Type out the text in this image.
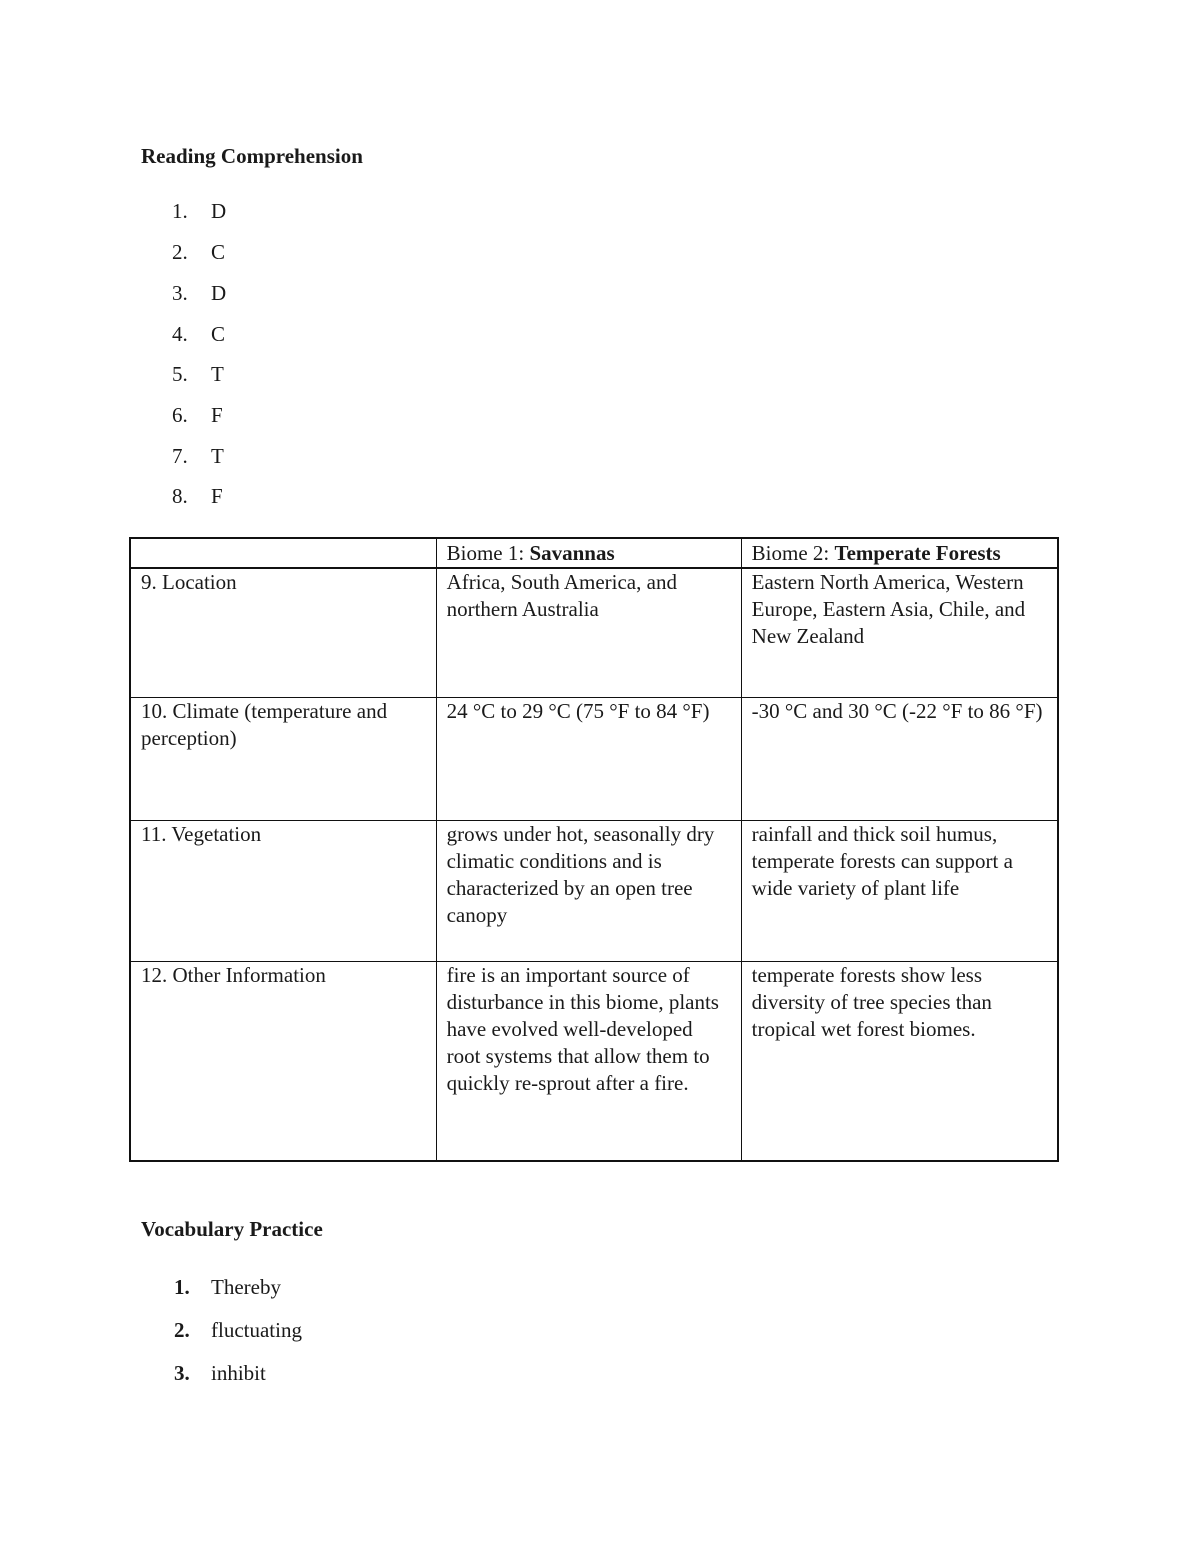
Reading Comprehension
1.	D
2.	C
3.	D
4.	C
5.	T
6.	F
7.	T
8.	F
	Biome 1: Savannas	Biome 2: Temperate Forests
9. Location	Africa, South America, and northern Australia	Eastern North America, Western Europe, Eastern Asia, Chile, and New Zealand
10. Climate (temperature and perception)	24 °C to 29 °C (75 °F to 84 °F)	-30 °C and 30 °C (-22 °F to 86 °F)
11. Vegetation	grows under hot, seasonally dry climatic conditions and is characterized by an open tree canopy	rainfall and thick soil humus, temperate forests can support a wide variety of plant life
12. Other Information	fire is an important source of disturbance in this biome, plants have evolved well-developed root systems that allow them to quickly re-sprout after a fire.	temperate forests show less diversity of tree species than tropical wet forest biomes.
Vocabulary Practice
1.	Thereby
2.	fluctuating
3.	inhibit
